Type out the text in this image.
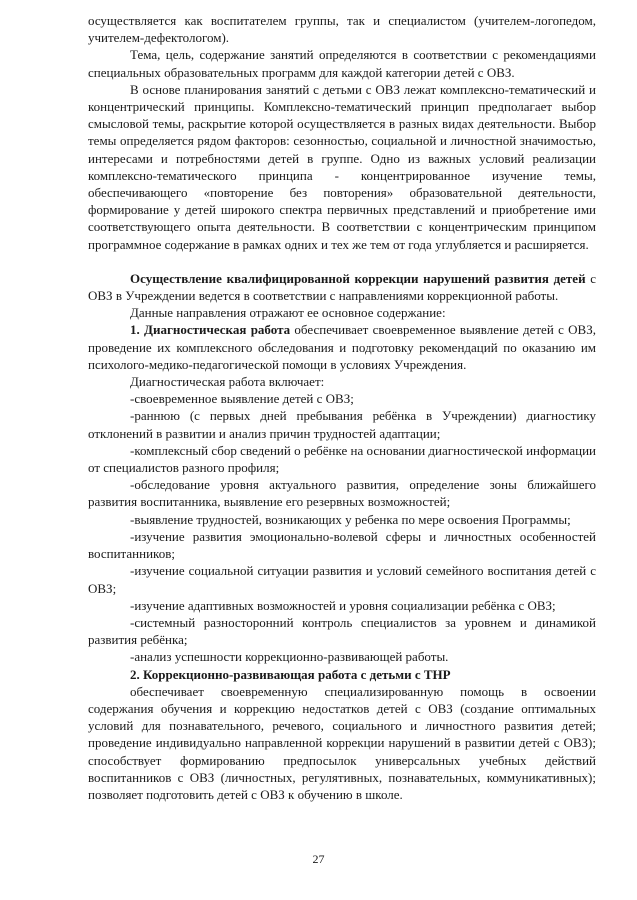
осуществляется как воспитателем группы, так и специалистом (учителем-логопедом, учителем-дефектологом).

Тема, цель, содержание занятий определяются в соответствии с рекомендациями специальных образовательных программ для каждой категории детей с ОВЗ.

В основе планирования занятий с детьми с ОВЗ лежат комплексно-тематический и концентрический принципы. Комплексно-тематический принцип предполагает выбор смысловой темы, раскрытие которой осуществляется в разных видах деятельности. Выбор темы определяется рядом факторов: сезонностью, социальной и личностной значимостью, интересами и потребностями детей в группе. Одно из важных условий реализации комплексно-тематического принципа - концентрированное изучение темы, обеспечивающего «повторение без повторения» образовательной деятельности, формирование у детей широкого спектра первичных представлений и приобретение ими соответствующего опыта деятельности. В соответствии с концентрическим принципом программное содержание в рамках одних и тех же тем от года углубляется и расширяется.

Осуществление квалифицированной коррекции нарушений развития детей с ОВЗ в Учреждении ведется в соответствии с направлениями коррекционной работы.

Данные направления отражают ее основное содержание:

1. Диагностическая работа обеспечивает своевременное выявление детей с ОВЗ, проведение их комплексного обследования и подготовку рекомендаций по оказанию им психолого-медико-педагогической помощи в условиях Учреждения.

Диагностическая работа включает:

-своевременное выявление детей с ОВЗ;

-раннюю (с первых дней пребывания ребёнка в Учреждении) диагностику отклонений в развитии и анализ причин трудностей адаптации;

-комплексный сбор сведений о ребёнке на основании диагностической информации от специалистов разного профиля;

-обследование уровня актуального развития, определение зоны ближайшего развития воспитанника, выявление его резервных возможностей;

-выявление трудностей, возникающих у ребенка по мере освоения Программы;

-изучение развития эмоционально-волевой сферы и личностных особенностей воспитанников;

-изучение социальной ситуации развития и условий семейного воспитания детей с ОВЗ;

-изучение адаптивных возможностей и уровня социализации ребёнка с ОВЗ;

-системный разносторонний контроль специалистов за уровнем и динамикой развития ребёнка;

-анализ успешности коррекционно-развивающей работы.

2. Коррекционно-развивающая работа с детьми с ТНР

обеспечивает своевременную специализированную помощь в освоении содержания обучения и коррекцию недостатков детей с ОВЗ (создание оптимальных условий для познавательного, речевого, социального и личностного развития детей; проведение индивидуально направленной коррекции нарушений в развитии детей с ОВЗ); способствует формированию предпосылок универсальных учебных действий воспитанников с ОВЗ (личностных, регулятивных, познавательных, коммуникативных); позволяет подготовить детей с ОВЗ к обучению в школе.

27
